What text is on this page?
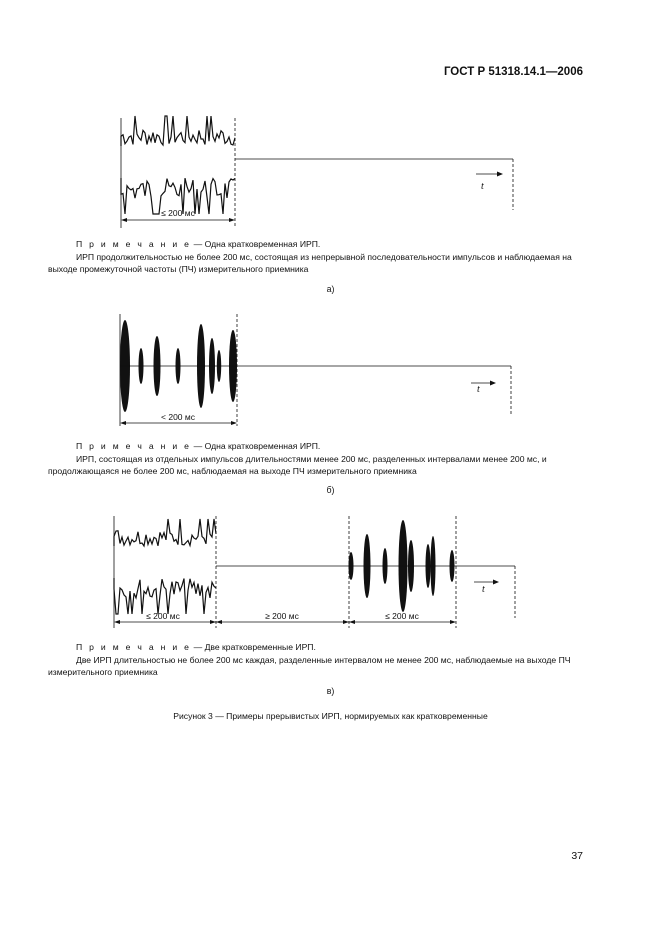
ГОСТ Р 51318.14.1—2006
t
≤ 200 мс

П р и м е ч а н и е — Одна кратковременная ИРП.

ИРП продолжительностью не более 200 мс, состоящая из непрерывной последовательности импульсов и наблюдаемая на выходе промежуточной частоты (ПЧ) измерительного приемника

а)
t
< 200 мс

П р и м е ч а н и е — Одна кратковременная ИРП.

ИРП, состоящая из отдельных импульсов длительностями менее 200 мс, разделенных интервалами менее 200 мс, и продолжающаяся не более 200 мс, наблюдаемая на выходе ПЧ измерительного приемника

б)
t
≤ 200 мс	≥ 200 мс	≤ 200 мс

П р и м е ч а н и е — Две кратковременные ИРП.

Две ИРП длительностью не более 200 мс каждая, разделенные интервалом не менее 200 мс, наблюдаемые на выходе ПЧ измерительного приемника

в)
Рисунок 3 — Примеры прерывистых ИРП, нормируемых как кратковременные
37
